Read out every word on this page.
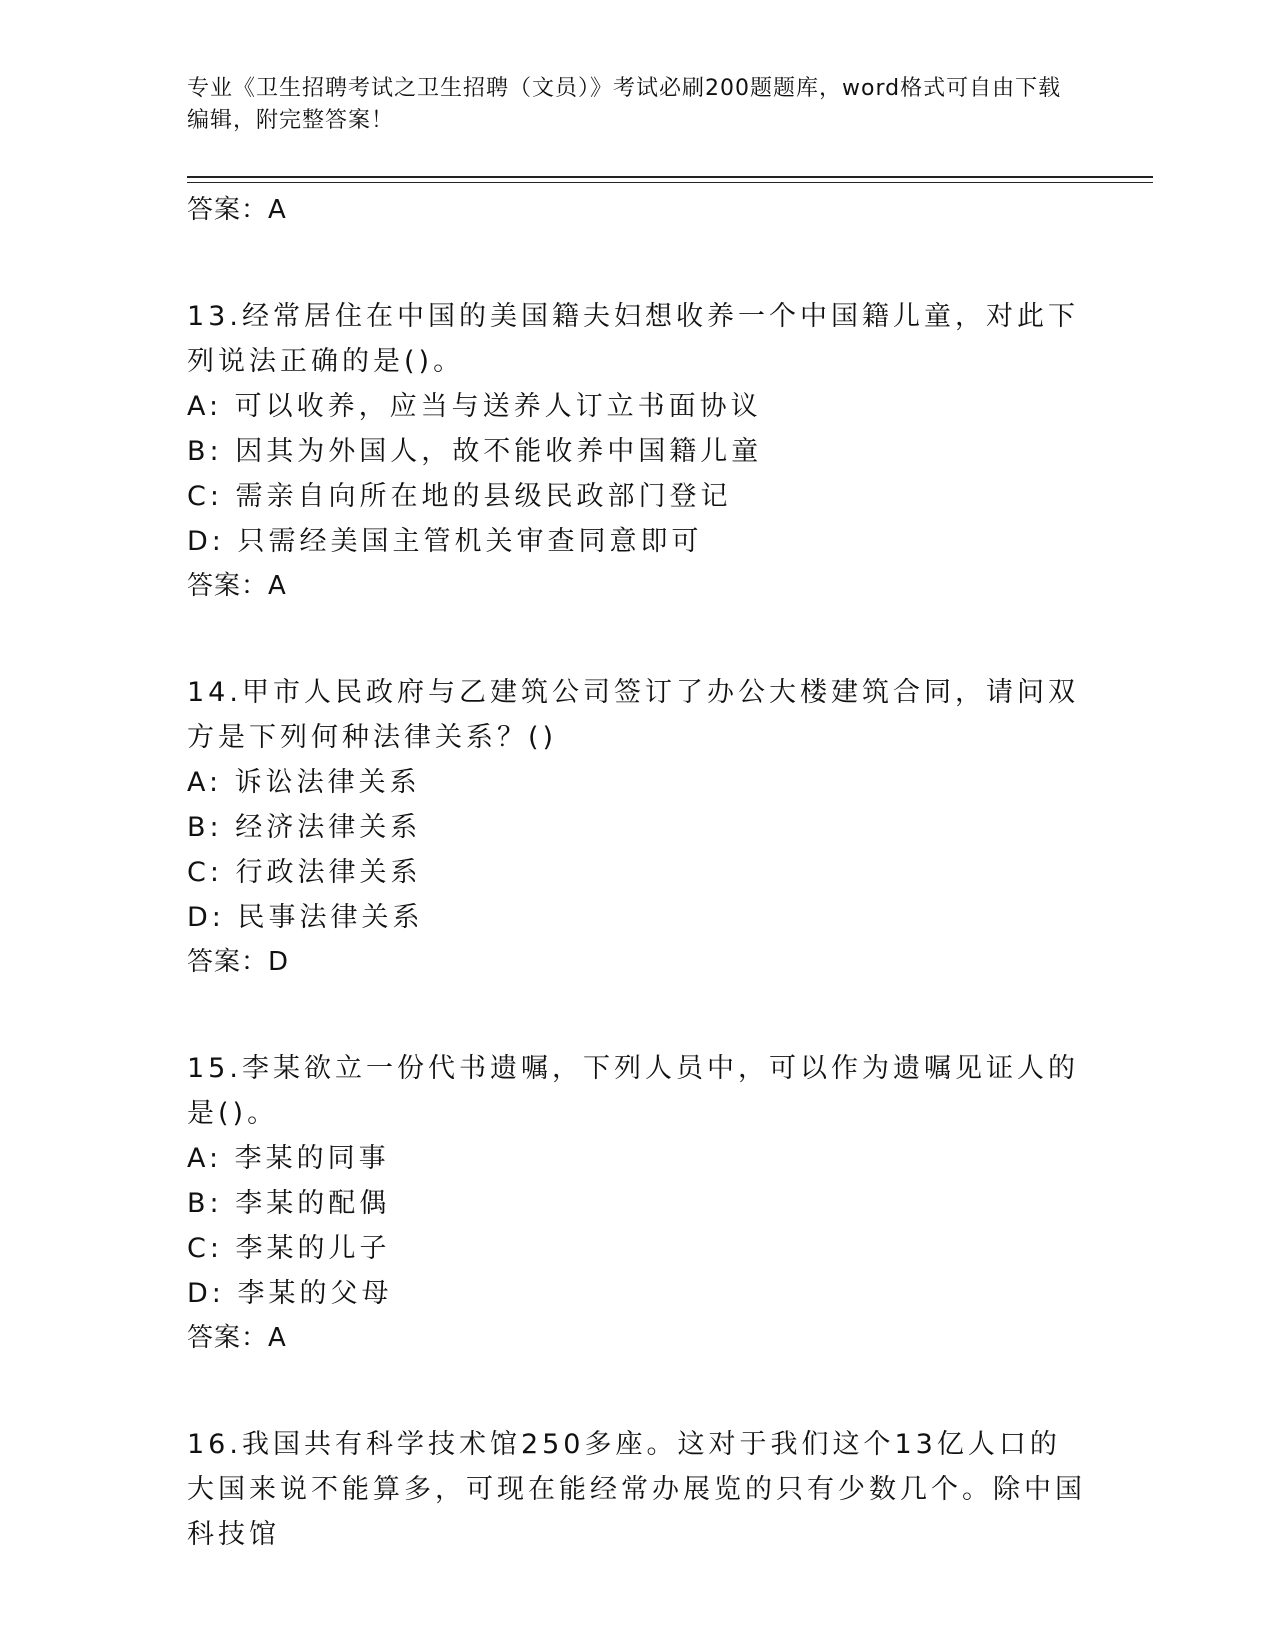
专业《卫生招聘考试之卫生招聘（文员）》考试必刷200题题库，word格式可自由下载编辑，附完整答案！
答案：A
13.经常居住在中国的美国籍夫妇想收养一个中国籍儿童，对此下列说法正确的是()。
A: 可以收养，应当与送养人订立书面协议
B: 因其为外国人，故不能收养中国籍儿童
C: 需亲自向所在地的县级民政部门登记
D: 只需经美国主管机关审查同意即可
答案：A
14.甲市人民政府与乙建筑公司签订了办公大楼建筑合同，请问双方是下列何种法律关系？()
A: 诉讼法律关系
B: 经济法律关系
C: 行政法律关系
D: 民事法律关系
答案：D
15.李某欲立一份代书遗嘱，下列人员中，可以作为遗嘱见证人的是()。
A: 李某的同事
B: 李某的配偶
C: 李某的儿子
D: 李某的父母
答案：A
16.我国共有科学技术馆250多座。这对于我们这个13亿人口的大国来说不能算多，可现在能经常办展览的只有少数几个。除中国科技馆
